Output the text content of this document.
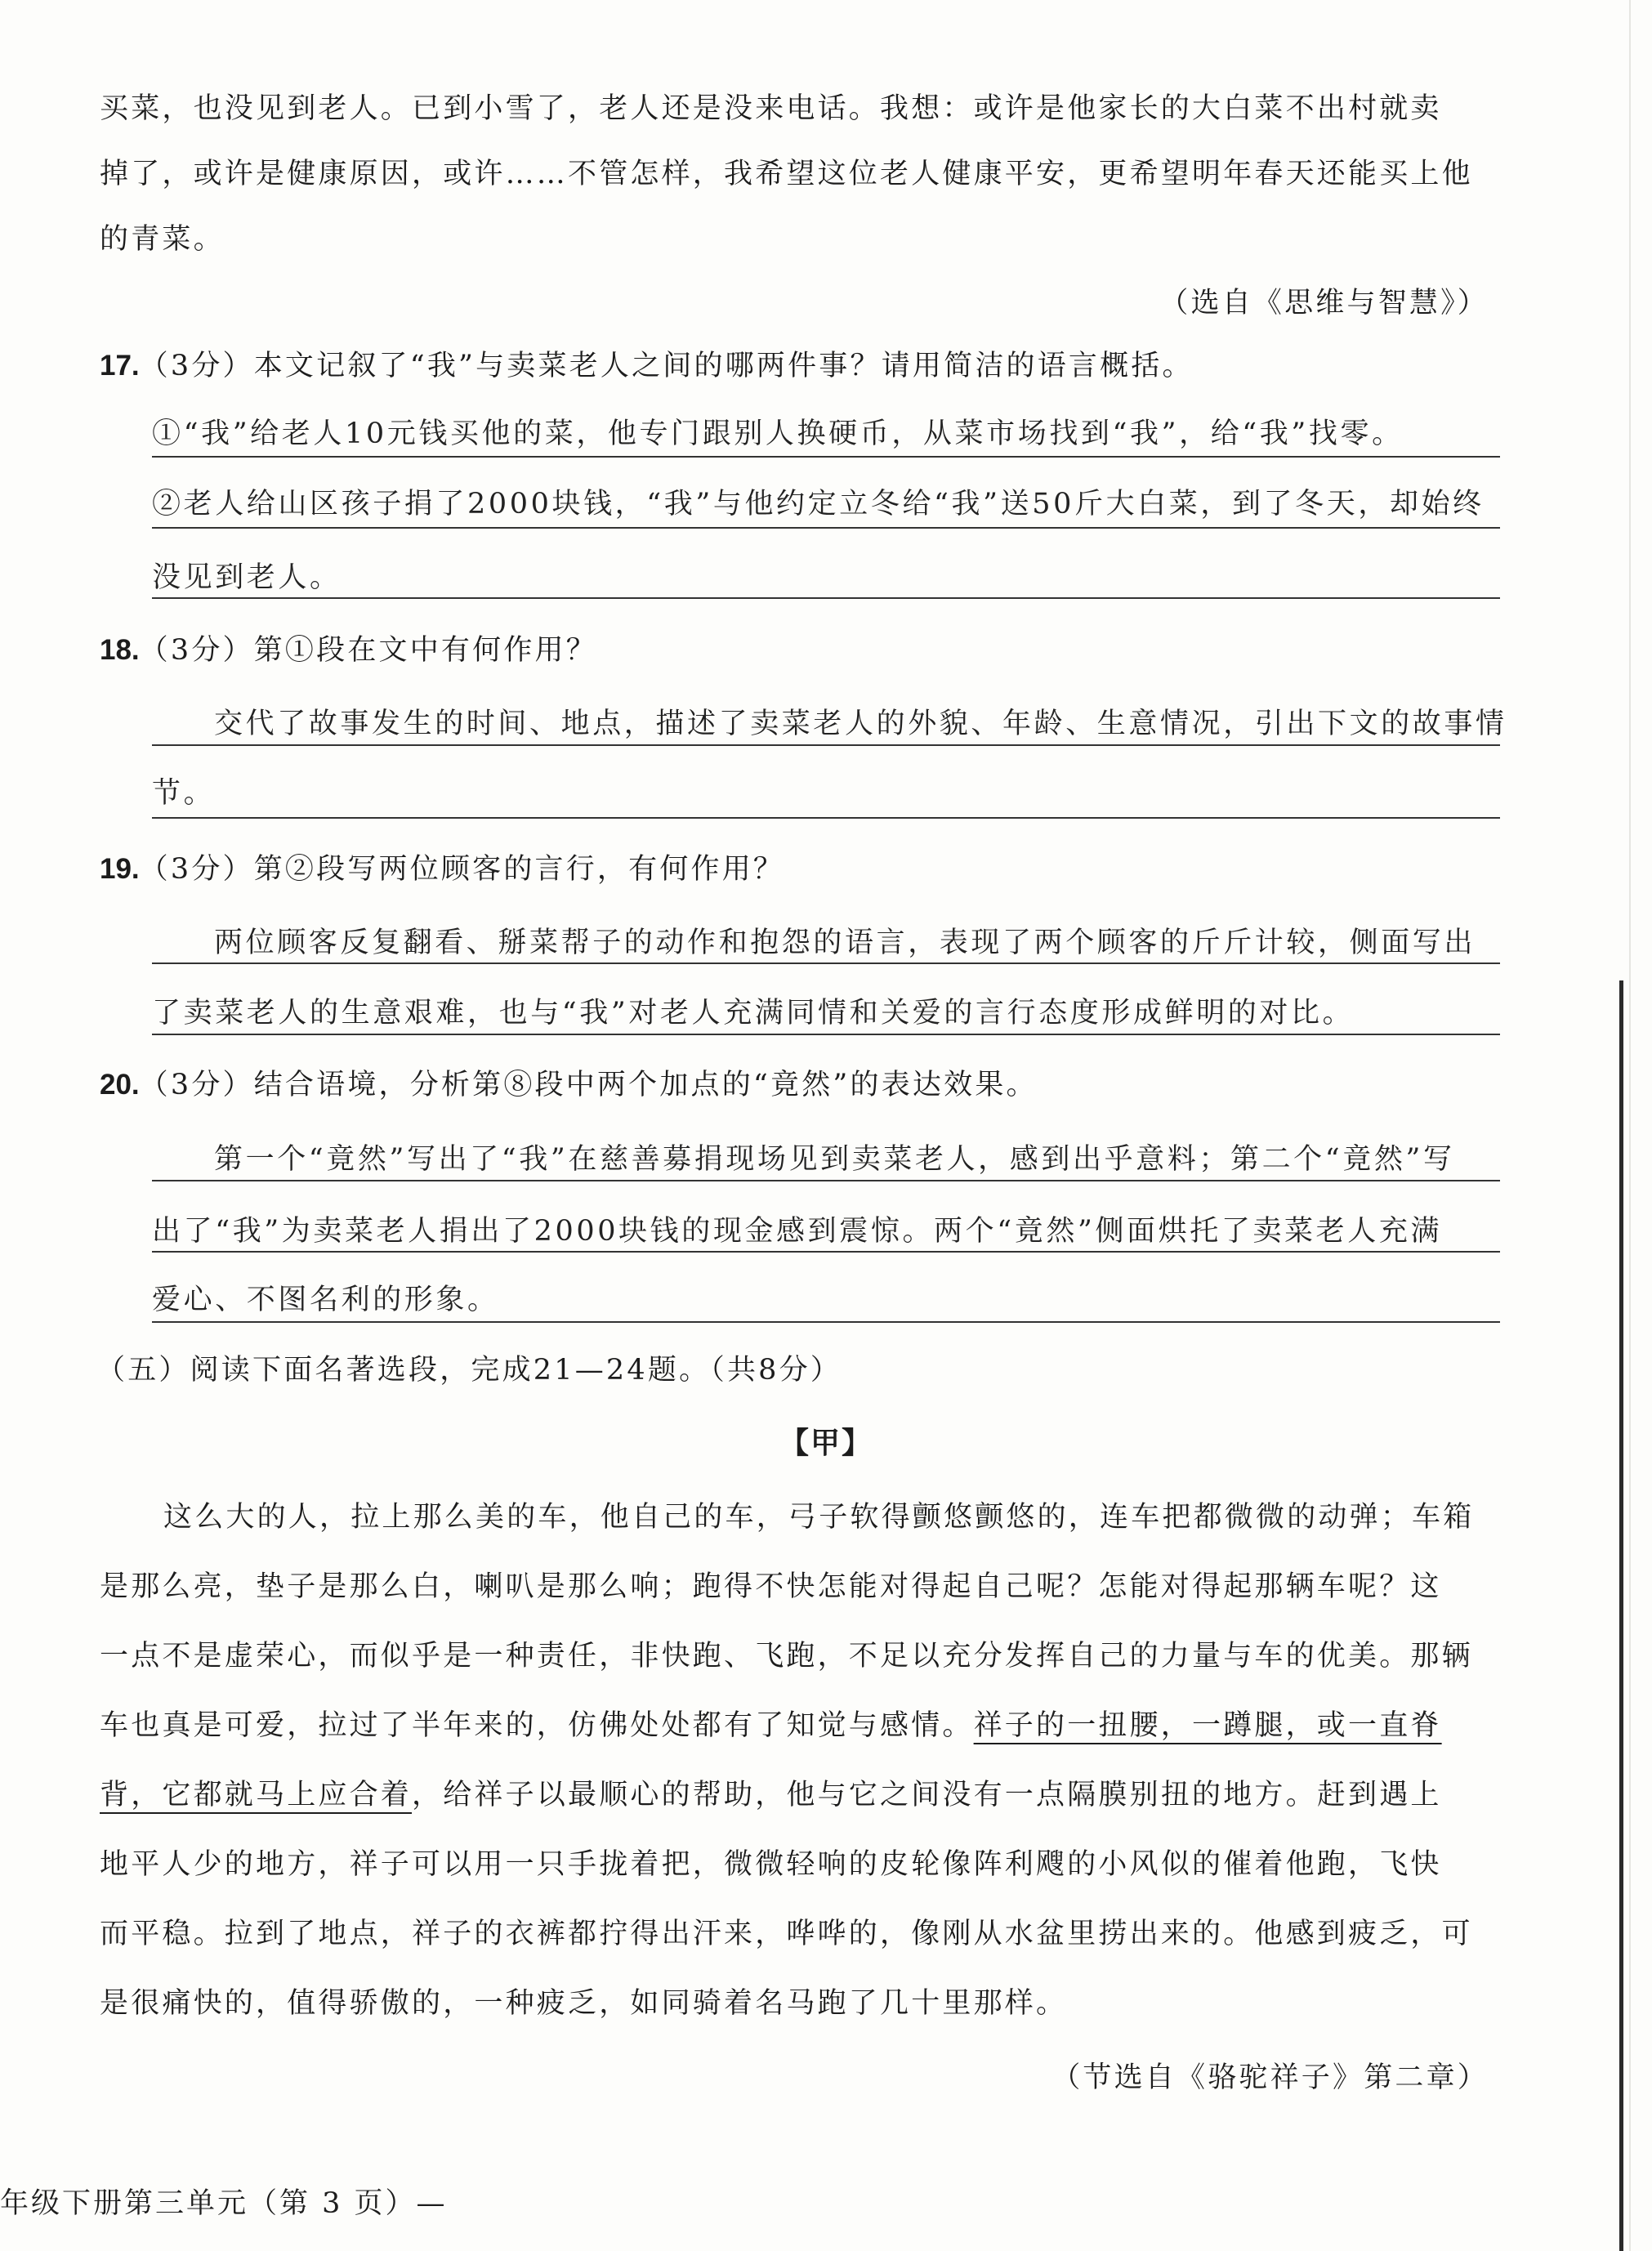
买菜，也没见到老人。已到小雪了，老人还是没来电话。我想：或许是他家长的大白菜不出村就卖
掉了，或许是健康原因，或许……不管怎样，我希望这位老人健康平安，更希望明年春天还能买上他
的青菜。
（选自《思维与智慧》）
17.（3分）本文记叙了“我”与卖菜老人之间的哪两件事？请用简洁的语言概括。
①“我”给老人10元钱买他的菜，他专门跟别人换硬币，从菜市场找到“我”，给“我”找零。
②老人给山区孩子捐了2000块钱，“我”与他约定立冬给“我”送50斤大白菜，到了冬天，却始终
没见到老人。
18.（3分）第①段在文中有何作用？
交代了故事发生的时间、地点，描述了卖菜老人的外貌、年龄、生意情况，引出下文的故事情
节。
19.（3分）第②段写两位顾客的言行，有何作用？
两位顾客反复翻看、掰菜帮子的动作和抱怨的语言，表现了两个顾客的斤斤计较，侧面写出
了卖菜老人的生意艰难，也与“我”对老人充满同情和关爱的言行态度形成鲜明的对比。
20.（3分）结合语境，分析第⑧段中两个加点的“竟然”的表达效果。
第一个“竟然”写出了“我”在慈善募捐现场见到卖菜老人，感到出乎意料；第二个“竟然”写
出了“我”为卖菜老人捐出了2000块钱的现金感到震惊。两个“竟然”侧面烘托了卖菜老人充满
爱心、不图名利的形象。
（五）阅读下面名著选段，完成21—24题。（共8分）
【甲】
这么大的人，拉上那么美的车，他自己的车，弓子软得颤悠颤悠的，连车把都微微的动弹；车箱
是那么亮，垫子是那么白，喇叭是那么响；跑得不快怎能对得起自己呢？怎能对得起那辆车呢？这
一点不是虚荣心，而似乎是一种责任，非快跑、飞跑，不足以充分发挥自己的力量与车的优美。那辆
车也真是可爱，拉过了半年来的，仿佛处处都有了知觉与感情。祥子的一扭腰，一蹲腿，或一直脊
背，它都就马上应合着，给祥子以最顺心的帮助，他与它之间没有一点隔膜别扭的地方。赶到遇上
地平人少的地方，祥子可以用一只手拢着把，微微轻响的皮轮像阵利飕的小风似的催着他跑，飞快
而平稳。拉到了地点，祥子的衣裤都拧得出汗来，哗哗的，像刚从水盆里捞出来的。他感到疲乏，可
是很痛快的，值得骄傲的，一种疲乏，如同骑着名马跑了几十里那样。
（节选自《骆驼祥子》第二章）
年级下册第三单元（第 3 页）—
